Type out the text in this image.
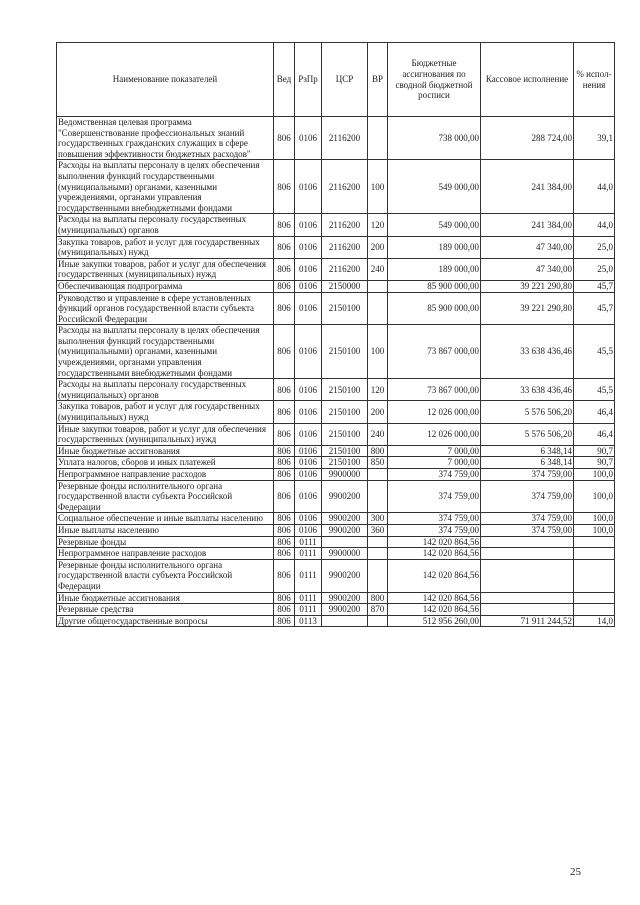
Наименование показателей	Вед	РзПр	ЦСР	ВР	Бюджетные ассигнования по сводной бюджетной росписи	Кассовое исполнение	% испол- нения
Ведомственная целевая программа "Совершенствование профессиональных знаний государственных гражданских служащих в сфере повышения эффективности бюджетных расходов"	806	0106	2116200		738 000,00	288 724,00	39,1
Расходы на выплаты персоналу в целях обеспечения выполнения функций государственными (муниципальными) органами, казенными учреждениями, органами управления государственными внебюджетными фондами	806	0106	2116200	100	549 000,00	241 384,00	44,0
Расходы на выплаты персоналу государственных (муниципальных) органов	806	0106	2116200	120	549 000,00	241 384,00	44,0
Закупка товаров, работ и услуг для государственных (муниципальных) нужд	806	0106	2116200	200	189 000,00	47 340,00	25,0
Иные закупки товаров, работ и услуг для обеспечения государственных (муниципальных) нужд	806	0106	2116200	240	189 000,00	47 340,00	25,0
Обеспечивающая подпрограмма	806	0106	2150000		85 900 000,00	39 221 290,80	45,7
Руководство и управление в сфере установленных функций органов государственной власти субъекта Российской Федерации	806	0106	2150100		85 900 000,00	39 221 290,80	45,7
Расходы на выплаты персоналу в целях обеспечения выполнения функций государственными (муниципальными) органами, казенными учреждениями, органами управления государственными внебюджетными фондами	806	0106	2150100	100	73 867 000,00	33 638 436,46	45,5
Расходы на выплаты персоналу государственных (муниципальных) органов	806	0106	2150100	120	73 867 000,00	33 638 436,46	45,5
Закупка товаров, работ и услуг для государственных (муниципальных) нужд	806	0106	2150100	200	12 026 000,00	5 576 506,20	46,4
Иные закупки товаров, работ и услуг для обеспечения государственных (муниципальных) нужд	806	0106	2150100	240	12 026 000,00	5 576 506,20	46,4
Иные бюджетные ассигнования	806	0106	2150100	800	7 000,00	6 348,14	90,7
Уплата налогов, сборов и иных платежей	806	0106	2150100	850	7 000,00	6 348,14	90,7
Непрограммное направление расходов	806	0106	9900000		374 759,00	374 759,00	100,0
Резервные фонды исполнительного органа государственной власти субъекта Российской Федерации	806	0106	9900200		374 759,00	374 759,00	100,0
Социальное обеспечение и иные выплаты населению	806	0106	9900200	300	374 759,00	374 759,00	100,0
Иные выплаты населению	806	0106	9900200	360	374 759,00	374 759,00	100,0
Резервные фонды	806	0111			142 020 864,56		
Непрограммное направление расходов	806	0111	9900000		142 020 864,56		
Резервные фонды исполнительного органа государственной власти субъекта Российской Федерации	806	0111	9900200		142 020 864,56		
Иные бюджетные ассигнования	806	0111	9900200	800	142 020 864,56		
Резервные средства	806	0111	9900200	870	142 020 864,56		
Другие общегосударственные вопросы	806	0113			512 956 260,00	71 911 244,52	14,0
25
